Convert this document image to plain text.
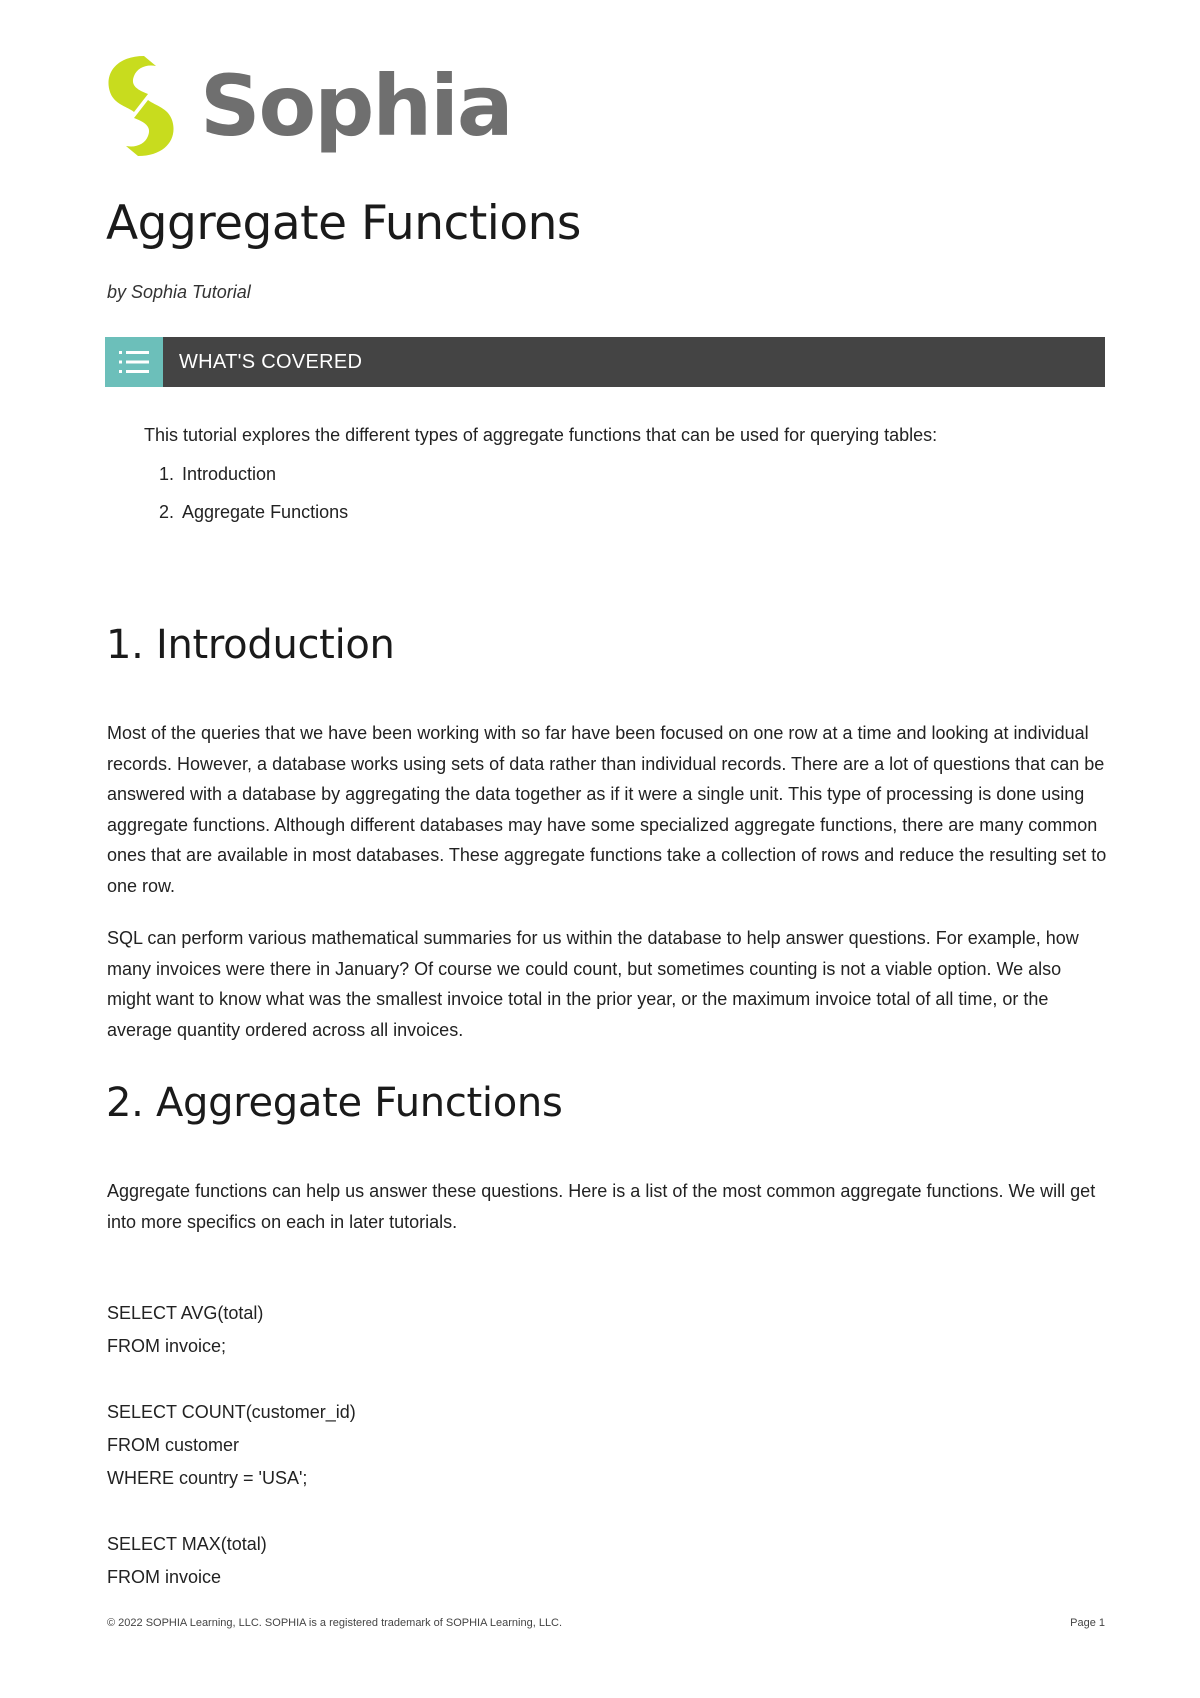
Sophia
Aggregate Functions
by Sophia Tutorial
WHAT'S COVERED
This tutorial explores the different types of aggregate functions that can be used for querying tables:
1. Introduction
2. Aggregate Functions
1. Introduction

Most of the queries that we have been working with so far have been focused on one row at a time and looking at individual records. However, a database works using sets of data rather than individual records. There are a lot of questions that can be answered with a database by aggregating the data together as if it were a single unit. This type of processing is done using aggregate functions. Although different databases may have some specialized aggregate functions, there are many common ones that are available in most databases. These aggregate functions take a collection of rows and reduce the resulting set to one row.

SQL can perform various mathematical summaries for us within the database to help answer questions. For example, how many invoices were there in January? Of course we could count, but sometimes counting is not a viable option. We also might want to know what was the smallest invoice total in the prior year, or the maximum invoice total of all time, or the average quantity ordered across all invoices.

2. Aggregate Functions

Aggregate functions can help us answer these questions. Here is a list of the most common aggregate functions. We will get into more specifics on each in later tutorials.

SELECT AVG(total)
FROM invoice;
SELECT COUNT(customer_id)
FROM customer
WHERE country = 'USA';
SELECT MAX(total)
FROM invoice
© 2022 SOPHIA Learning, LLC. SOPHIA is a registered trademark of SOPHIA Learning, LLC.	Page 1
